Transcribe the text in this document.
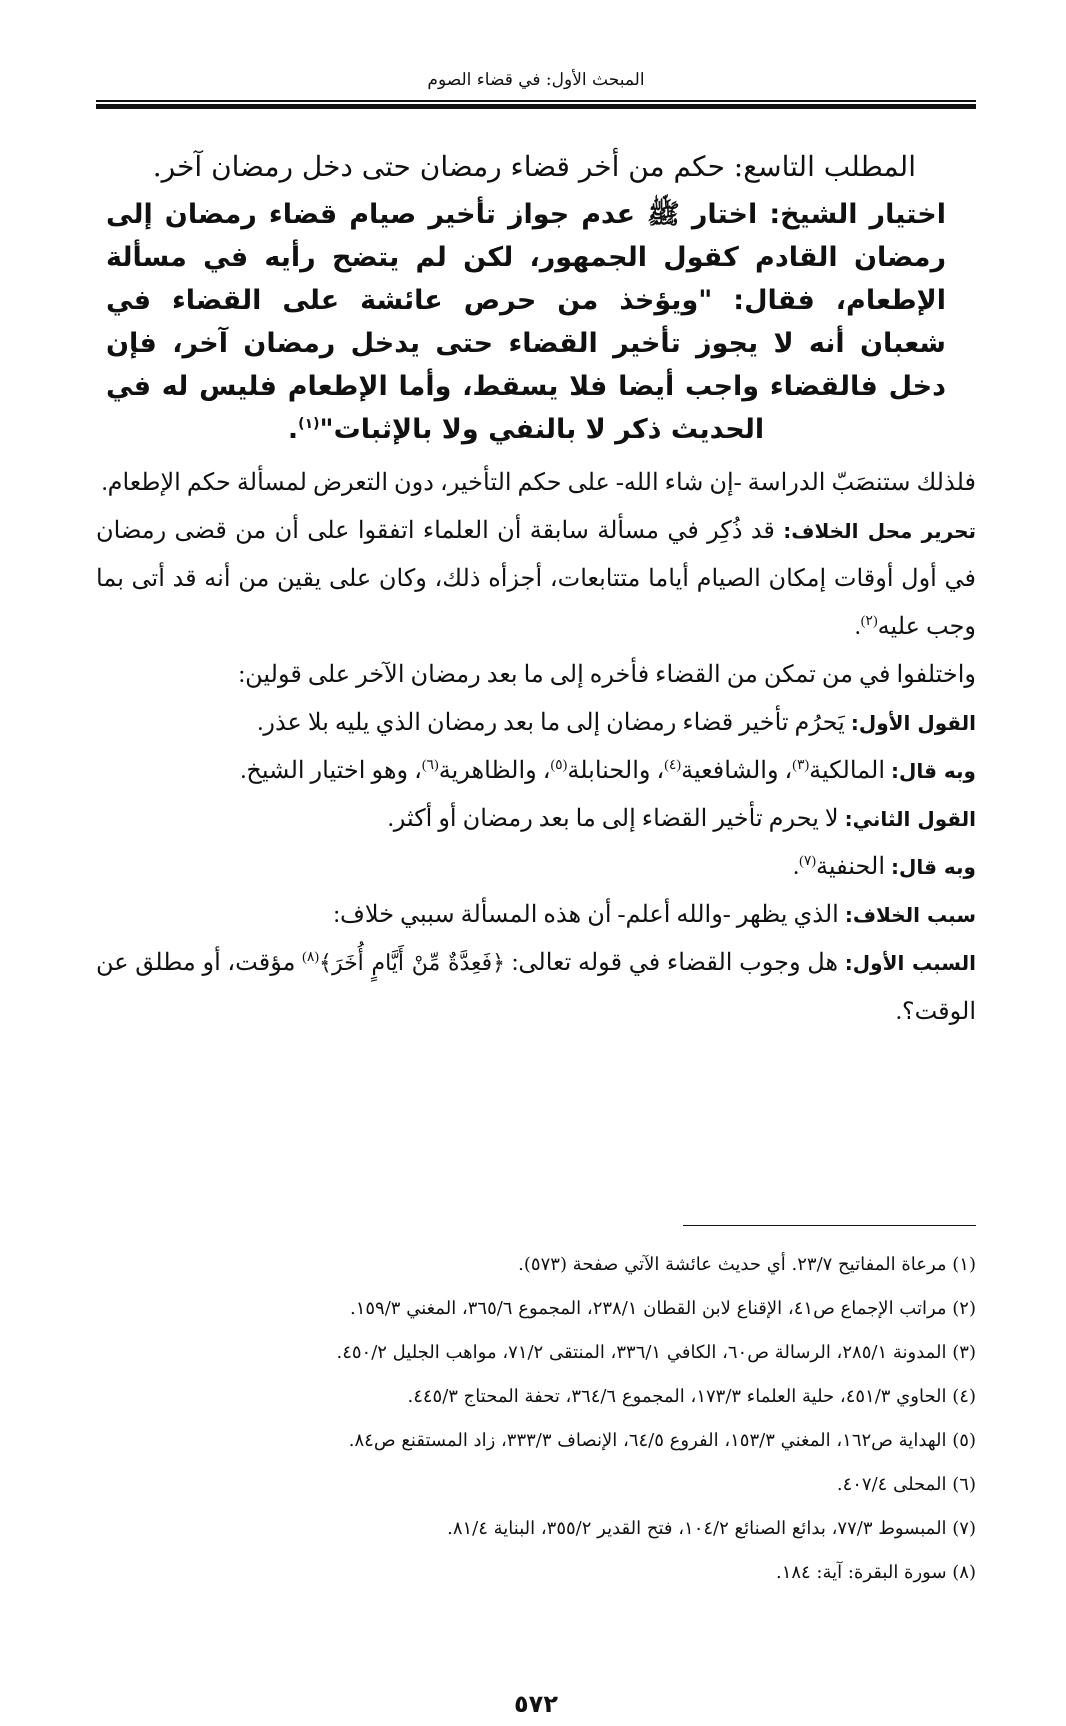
المبحث الأول: في قضاء الصوم
المطلب التاسع: حكم من أخر قضاء رمضان حتى دخل رمضان آخر.

اختيار الشيخ: اختار ﷺ عدم جواز تأخير صيام قضاء رمضان إلى رمضان القادم كقول الجمهور، لكن لم يتضح رأيه في مسألة الإطعام، فقال: "ويؤخذ من حرص عائشة على القضاء في شعبان أنه لا يجوز تأخير القضاء حتى يدخل رمضان آخر، فإن دخل فالقضاء واجب أيضا فلا يسقط، وأما الإطعام فليس له في الحديث ذكر لا بالنفي ولا بالإثبات"$^{(١)}$.

فلذلك ستنصَبّ الدراسة -إن شاء الله- على حكم التأخير، دون التعرض لمسألة حكم الإطعام.

تحرير محل الخلاف: قد ذُكِر في مسألة سابقة أن العلماء اتفقوا على أن من قضى رمضان في أول أوقات إمكان الصيام أياما متتابعات، أجزأه ذلك، وكان على يقين من أنه قد أتى بما وجب عليه$^{(٢)}$.

واختلفوا في من تمكن من القضاء فأخره إلى ما بعد رمضان الآخر على قولين:

القول الأول: يَحرُم تأخير قضاء رمضان إلى ما بعد رمضان الذي يليه بلا عذر.

وبه قال: المالكية$^{(٣)}$، والشافعية$^{(٤)}$، والحنابلة$^{(٥)}$، والظاهرية$^{(٦)}$، وهو اختيار الشيخ.

القول الثاني: لا يحرم تأخير القضاء إلى ما بعد رمضان أو أكثر.

وبه قال: الحنفية$^{(٧)}$.

سبب الخلاف: الذي يظهر -والله أعلم- أن هذه المسألة سببي خلاف:

السبب الأول: هل وجوب القضاء في قوله تعالى: ﴿فَعِدَّةٌ مِّنْ أَيَّامٍ أُخَرَ﴾$^{(٨)}$ مؤقت، أو مطلق عن الوقت؟.

(١) مرعاة المفاتيح ٢٣/٧. أي حديث عائشة الآتي صفحة (٥٧٣).

(٢) مراتب الإجماع ص٤١، الإقناع لابن القطان ٢٣٨/١، المجموع ٣٦٥/٦، المغني ١٥٩/٣.

(٣) المدونة ٢٨٥/١، الرسالة ص٦٠، الكافي ٣٣٦/١، المنتقى ٧١/٢، مواهب الجليل ٤٥٠/٢.

(٤) الحاوي ٤٥١/٣، حلية العلماء ١٧٣/٣، المجموع ٣٦٤/٦، تحفة المحتاج ٤٤٥/٣.

(٥) الهداية ص١٦٢، المغني ١٥٣/٣، الفروع ٦٤/٥، الإنصاف ٣٣٣/٣، زاد المستقنع ص٨٤.

(٦) المحلى ٤٠٧/٤.

(٧) المبسوط ٧٧/٣، بدائع الصنائع ١٠٤/٢، فتح القدير ٣٥٥/٢، البناية ٨١/٤.

(٨) سورة البقرة: آية: ١٨٤.

٥٧٢
